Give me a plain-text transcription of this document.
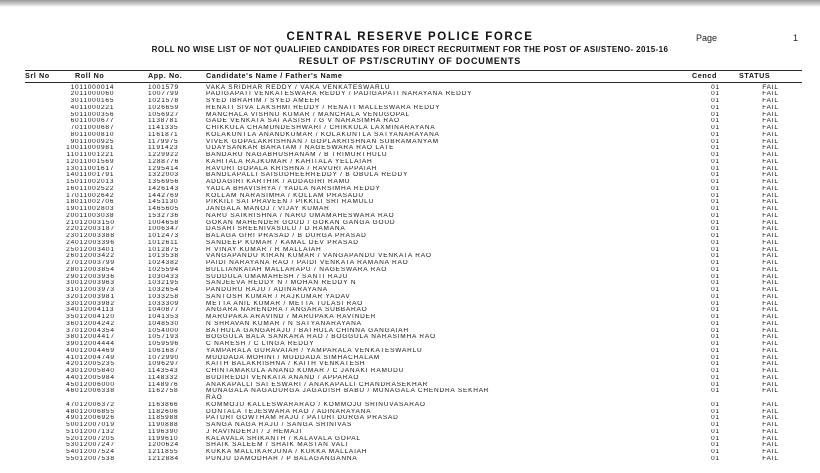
CENTRAL RESERVE POLICE FORCE
ROLL NO WISE LIST OF NOT QUALIFIED CANDIDATES FOR DIRECT RECRUITMENT FOR THE POST OF ASI/STENO- 2015-16
RESULT OF PST/SCRUTINY OF DOCUMENTS
Page	1
Srl No	Roll No	App. No.	Candidate's Name / Father's Name	Cencd	STATUS
1	011000014	1001579	VAKA SRIDHAR REDDY / VAKA VENKATESWARLU	01	FAIL
2	011000060	1007799	PADIGAPATI VENKATESWARA REDDY / PADIGAPATI NARAYANA REDDY	01	FAIL
3	011000165	1021578	SYED IBRAHIM / SYED AMEER	01	FAIL
4	011000221	1026659	RENATI SIVA LAKSHMI REDDY / RENATI MALLESWARA REDDY	01	FAIL
5	011000356	1056927	MANCHALA VISHNU KUMAR / MANCHALA VENUGOPAL	01	FAIL
6	011000677	1138781	GADE VENKATA SAI AASISH / G V NARASIMHA RAO	01	FAIL
7	011000687	1141335	CHIKKULA CHAMUNDESHWARI / CHIKKULA LAXMINARAYANA	01	FAIL
8	011000810	1161871	KOLAKUNTLA ANANDKUMAR / KOLAKUNTLA SATYANARAYANA	01	FAIL
9	011000925	1179975	VIVEK GOPALAKRISHNAN / GOPLAKRISHNAN SUBRAMANYAM	01	FAIL
10	011000981	1191423	UDAYSANKAR BARATAM / NAGESWARA RAO LATE	01	FAIL
11	011001221	1229922	BANDARU NAGABHUSHANAM / B TRIMURTHULU	01	FAIL
12	011001569	1288776	KAHITALA RAJKUMAR / KAHITALA YELLAIAH	01	FAIL
13	011001617	1295414	RAVURI GOPALA KRISHNA / RAVURI APPAIAH	01	FAIL
14	011001791	1322003	BANDLAPALLI SAISUDHEERREDDY / B OBULA REDDY	01	FAIL
15	011002013	1356956	ADDAGIRI KARTHIK / ADDAGIRI RAMU	01	FAIL
16	011002522	1426143	YADLA BHAVISHYA / YADLA NARSIMHA REDDY	01	FAIL
17	011002642	1442769	KOLLAM NARASIMHA / KOLLAM PRASADU	01	FAIL
18	011002706	1451130	PIKKILI SAI PRAVEEN / PIKKILI SRI RAMULU	01	FAIL
19	011002803	1465605	JANGALA MANOJ / VIJAY KUMAR	01	FAIL
20	011003038	1532736	NARU SAIKRISHNA / NARU UMAMAHESWARA RAO	01	FAIL
21	012003150	1004658	GOKAN MAHENDER GOUD / GOKAN GANGA GOUD	01	FAIL
22	012003187	1006347	DASARI SREENIVASULU / D RAMANA	01	FAIL
23	012003388	1012473	BALAGA GIRI PRASAD / B DURGA PRASAD	01	FAIL
24	012003396	1012611	SANDEEP KUMAR / KAMAL DEV PRASAD	01	FAIL
25	012003401	1012875	R VINAY KUMAR / R MALLAIAH	01	FAIL
26	012003422	1013538	VANGAPANDU KIRAN KUMAR / VANGAPANDU VENKATA RAO	01	FAIL
27	012003799	1024382	PAIDI NARAYANA RAO / PAIDI VENKATA RAMANA RAO	01	FAIL
28	012003854	1025594	BULLIANKAIAH MALLARAPU / NAGESWARA RAO	01	FAIL
29	012003936	1030433	SUDDULA UMAMAHESH / SANTI RAJU	01	FAIL
30	012003963	1032195	SANJEEVA REDDY N / MOHAN REDDY N	01	FAIL
31	012003973	1032654	PANDURU RAJU / ADINARAYANA	01	FAIL
32	012003981	1033258	SANTOSH KUMAR / RAJKUMAR YADAV	01	FAIL
33	012003982	1033309	METTA ANIL KUMAR / METTA TULASI RAO	01	FAIL
34	012004113	1040877	ANGARA NARENDRA / ANGARA SUBBARAO	01	FAIL
35	012004120	1041353	MARUPAKA ARAVIND / MARUPAKA RAVINDER	01	FAIL
36	012004242	1048530	N SHRAVAN KUMAR / N SATYANARAYANA	01	FAIL
37	012004354	1054000	BATHULA GANGARAJU / BATHULA CHINNA GANGAIAH	01	FAIL
38	012004417	1057193	BOGGULA BALA SANKARA RAO / BOGGULA NARASIMHA RAO	01	FAIL
39	012004444	1059596	C NARESH / C LINGA REDDY	01	FAIL
40	012004469	1061687	YAMPARALA GURAVAIAH / YAMPARALA VENKATESWARLU	01	FAIL
41	012004749	1072990	MUDDADA MOHINI / MUDDADA SIMHACHALAM	01	FAIL
42	012005235	1096297	KAITH BALAKRISHNA / KAITH VENKATESH	01	FAIL
43	012005840	1143543	CHINTAMAKULA ANAND KUMAR / C JANAKI RAMUDU	01	FAIL
44	012005984	1148332	BUDIREDDI VENKATA ANAND / APPARAO	01	FAIL
45	012006000	1148976	ANAKAPALLI SAI ESWARI / ANAKAPALLI CHANDRASEKHAR	01	FAIL
46	012006338	1162758	MUNAGALA NAGADURGA JAGADISH BABU / MUNAGALA CHENDRA SEKHAR RAO	01	FAIL
47	012006372	1163866	KOMMOJU KALLESWARARAO / KOMMOJU SRINUVASARAO	01	FAIL
48	012006855	1182606	DONTALA TEJESWARA RAO / ADINARAYANA	01	FAIL
49	012006926	1185988	PATURI GOWTHAM RAJU / PATURI DURGA PRASAD	01	FAIL
50	012007019	1190888	SANGA NAGA RAJU / SANGA SRINIVAS	01	FAIL
51	012007132	1196390	J RAVINDERJI / J HEMAJI	01	FAIL
52	012007205	1199610	KALAVALA SRIKANTH / KALAVALA GOPAL	01	FAIL
53	012007247	1200624	SHAIK SALEEM / SHAIK MASTAN VALI	01	FAIL
54	012007524	1211855	KUKKA MALLIKARJUNA / KUKKA MALLAIAH	01	FAIL
55	012007538	1212884	PUNJU DAMODHAR / P BALAGANGANNA	01	FAIL
